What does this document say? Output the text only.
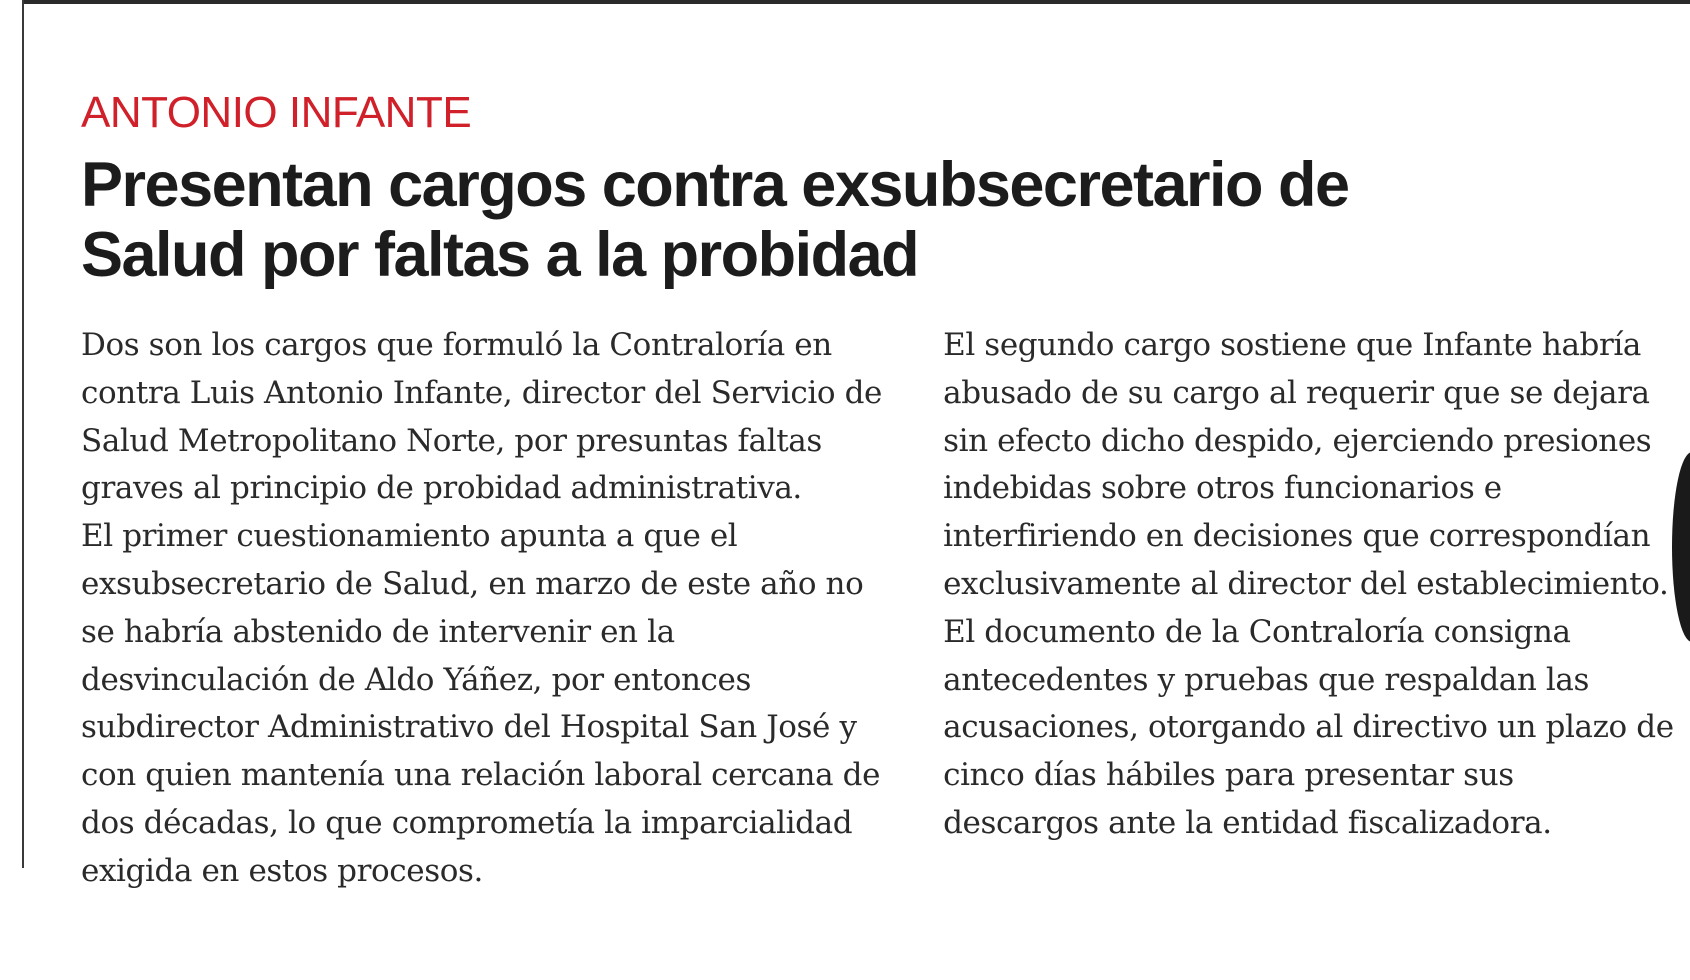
ANTONIO INFANTE
Presentan cargos contra exsubsecretario de Salud por faltas a la probidad

Dos son los cargos que formuló la Contraloría en contra Luis Antonio Infante, director del Servicio de Salud Metropolitano Norte, por presuntas faltas graves al principio de probidad administrativa.

El primer cuestionamiento apunta a que el exsubsecretario de Salud, en marzo de este año no se habría abstenido de intervenir en la desvinculación de Aldo Yáñez, por entonces subdirector Administrativo del Hospital San José y con quien mantenía una relación laboral cercana de dos décadas, lo que comprometía la imparcialidad exigida en estos procesos.

El segundo cargo sostiene que Infante habría abusado de su cargo al requerir que se dejara sin efecto dicho despido, ejerciendo presiones indebidas sobre otros funcionarios e interfiriendo en decisiones que correspondían exclusivamente al director del establecimiento.

El documento de la Contraloría consigna antecedentes y pruebas que respaldan las acusaciones, otorgando al directivo un plazo de cinco días hábiles para presentar sus descargos ante la entidad fiscalizadora.
